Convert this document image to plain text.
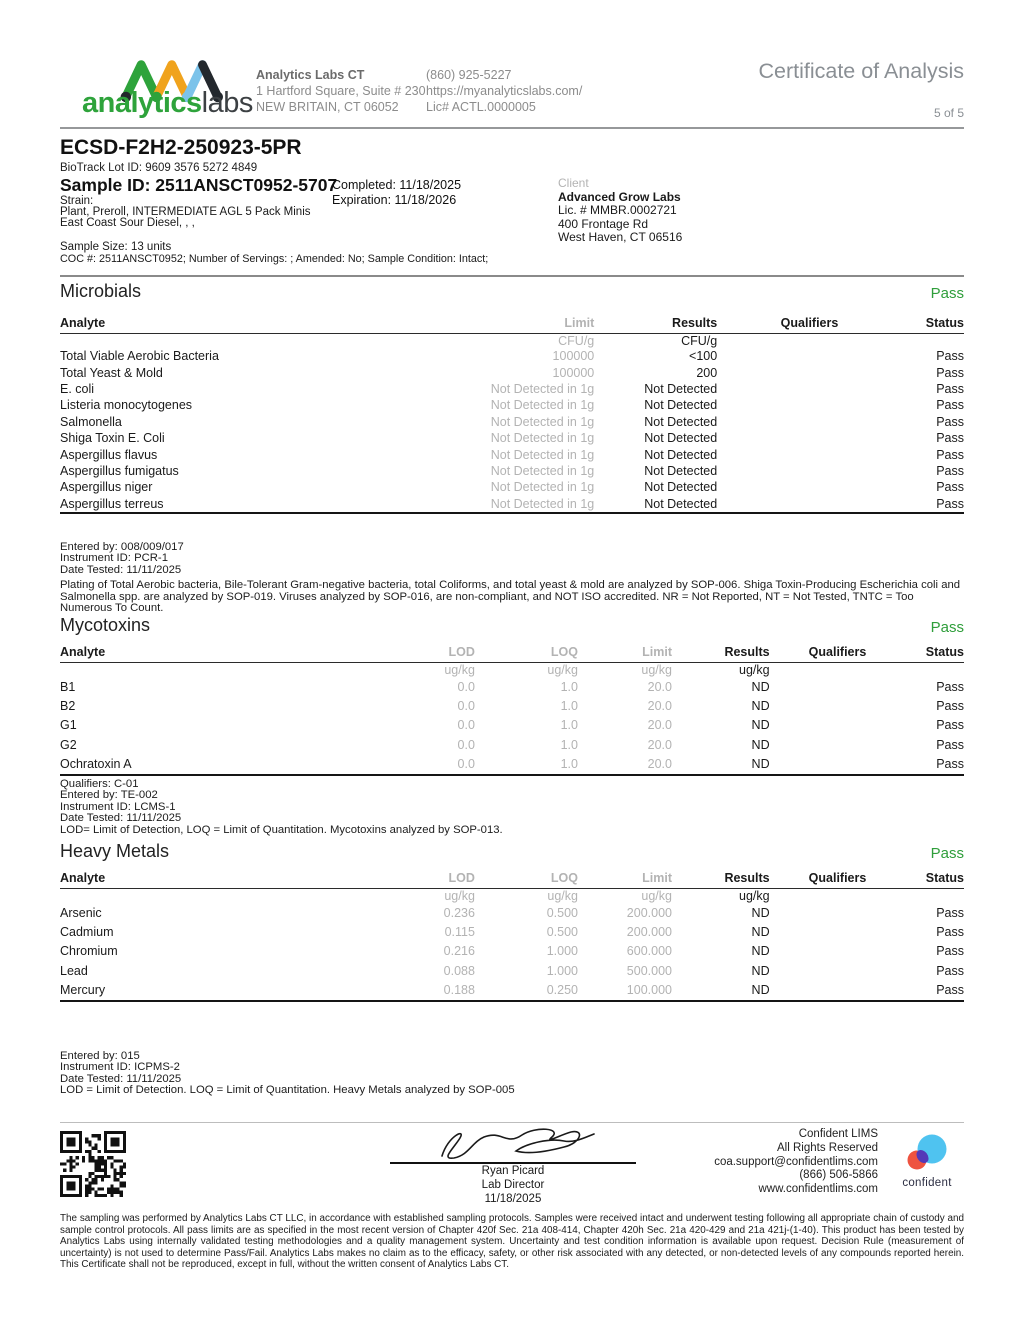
analyticslabs
Analytics Labs CT
1 Hartford Square, Suite # 230
NEW BRITAIN, CT 06052
(860) 925-5227
https://myanalyticslabs.com/
Lic# ACTL.0000005
Certificate of Analysis
5 of 5
ECSD-F2H2-250923-5PR
BioTrack Lot ID: 9609 3576 5272 4849
Sample ID: 2511ANSCT0952-5707
Strain:
Plant, Preroll, INTERMEDIATE AGL 5 Pack Minis
East Coast Sour Diesel, , ,
Sample Size: 13 units
COC #: 2511ANSCT0952; Number of Servings: ; Amended: No; Sample Condition: Intact;
Completed: 11/18/2025
Expiration: 11/18/2026
Client
Advanced Grow Labs
Lic. # MMBR.0002721
400 Frontage Rd
West Haven, CT 06516
Microbials	Pass
Analyte	Limit	Results	Qualifiers	Status
	CFU/g	CFU/g		
Total Viable Aerobic Bacteria	100000	<100		Pass
Total Yeast & Mold	100000	200		Pass
E. coli	Not Detected in 1g	Not Detected		Pass
Listeria monocytogenes	Not Detected in 1g	Not Detected		Pass
Salmonella	Not Detected in 1g	Not Detected		Pass
Shiga Toxin E. Coli	Not Detected in 1g	Not Detected		Pass
Aspergillus flavus	Not Detected in 1g	Not Detected		Pass
Aspergillus fumigatus	Not Detected in 1g	Not Detected		Pass
Aspergillus niger	Not Detected in 1g	Not Detected		Pass
Aspergillus terreus	Not Detected in 1g	Not Detected		Pass
Entered by: 008/009/017
Instrument ID: PCR-1
Date Tested: 11/11/2025
Plating of Total Aerobic bacteria, Bile-Tolerant Gram-negative bacteria, total Coliforms, and total yeast & mold are analyzed by SOP-006. Shiga Toxin-Producing Escherichia coli and Salmonella spp. are analyzed by SOP-019. Viruses analyzed by SOP-016, are non-compliant, and NOT ISO accredited. NR = Not Reported, NT = Not Tested, TNTC = Too Numerous To Count.
Mycotoxins	Pass
Analyte	LOD	LOQ	Limit	Results	Qualifiers	Status
	ug/kg	ug/kg	ug/kg	ug/kg		
B1	0.0	1.0	20.0	ND		Pass
B2	0.0	1.0	20.0	ND		Pass
G1	0.0	1.0	20.0	ND		Pass
G2	0.0	1.0	20.0	ND		Pass
Ochratoxin A	0.0	1.0	20.0	ND		Pass
Qualifiers: C-01
Entered by: TE-002
Instrument ID: LCMS-1
Date Tested: 11/11/2025
LOD= Limit of Detection, LOQ = Limit of Quantitation. Mycotoxins analyzed by SOP-013.
Heavy Metals	Pass
Analyte	LOD	LOQ	Limit	Results	Qualifiers	Status
	ug/kg	ug/kg	ug/kg	ug/kg		
Arsenic	0.236	0.500	200.000	ND		Pass
Cadmium	0.115	0.500	200.000	ND		Pass
Chromium	0.216	1.000	600.000	ND		Pass
Lead	0.088	1.000	500.000	ND		Pass
Mercury	0.188	0.250	100.000	ND		Pass
Entered by: 015
Instrument ID: ICPMS-2
Date Tested: 11/11/2025
LOD = Limit of Detection. LOQ = Limit of Quantitation. Heavy Metals analyzed by SOP-005
Ryan Picard
Lab Director
11/18/2025
Confident LIMS
All Rights Reserved
coa.support@confidentlims.com
(866) 506-5866
www.confidentlims.com
confident
The sampling was performed by Analytics Labs CT LLC, in accordance with established sampling protocols. Samples were received intact and underwent testing following all appropriate chain of custody and sample control protocols. All pass limits are as specified in the most recent version of Chapter 420f Sec. 21a 408-414, Chapter 420h Sec. 21a 420-429 and 21a 421j-(1-40). This product has been tested by Analytics Labs using internally validated testing methodologies and a quality management system. Uncertainty and test condition information is available upon request. Decision Rule (measurement of uncertainty) is not used to determine Pass/Fail. Analytics Labs makes no claim as to the efficacy, safety, or other risk associated with any detected, or non-detected levels of any compounds reported herein. This Certificate shall not be reproduced, except in full, without the written consent of Analytics Labs CT.
